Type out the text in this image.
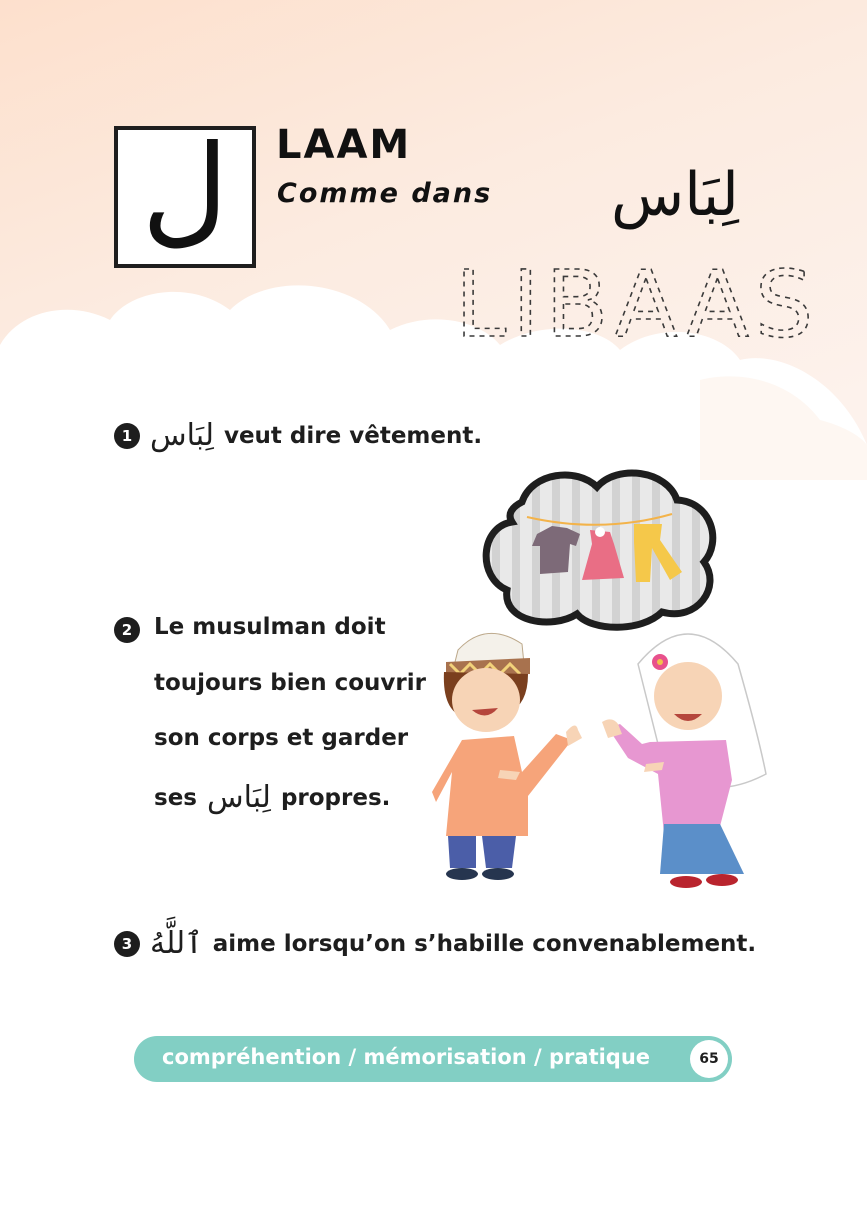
ل LAAM
Comme dans	لِبَاس
LIBAAS
1 لِبَاس veut dire vêtement.
2 Le musulman doit
toujours bien couvrir
son corps et garder
ses لِبَاس propres.
3 ٱللَّهُ aime lorsqu’on s’habille convenablement.
compréhention / mémorisation / pratique	65
